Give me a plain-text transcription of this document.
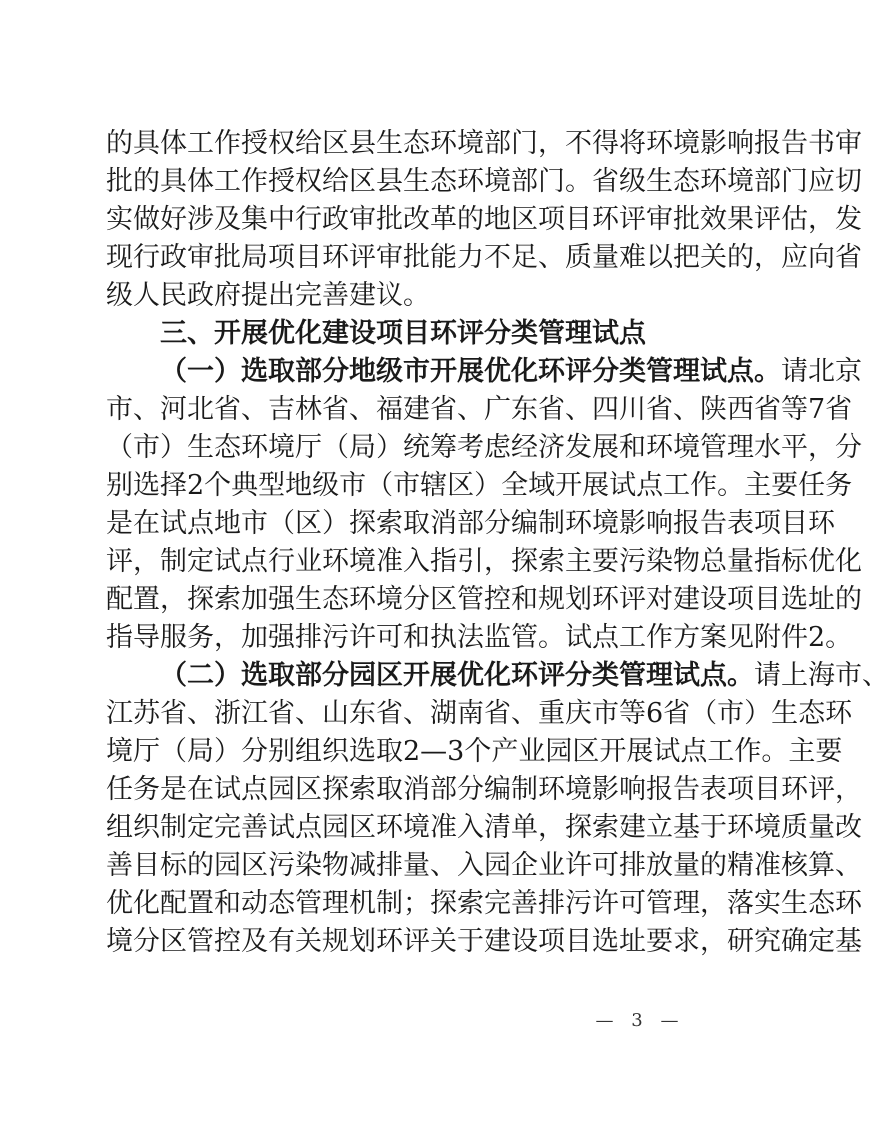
的具体工作授权给区县生态环境部门，不得将环境影响报告书审
批的具体工作授权给区县生态环境部门。省级生态环境部门应切
实做好涉及集中行政审批改革的地区项目环评审批效果评估，发
现行政审批局项目环评审批能力不足、质量难以把关的，应向省
级人民政府提出完善建议。
三、开展优化建设项目环评分类管理试点
（一）选取部分地级市开展优化环评分类管理试点。请北京
市、河北省、吉林省、福建省、广东省、四川省、陕西省等7省
（市）生态环境厅（局）统筹考虑经济发展和环境管理水平，分
别选择2个典型地级市（市辖区）全域开展试点工作。主要任务
是在试点地市（区）探索取消部分编制环境影响报告表项目环
评，制定试点行业环境准入指引，探索主要污染物总量指标优化
配置，探索加强生态环境分区管控和规划环评对建设项目选址的
指导服务，加强排污许可和执法监管。试点工作方案见附件2。
（二）选取部分园区开展优化环评分类管理试点。请上海市、
江苏省、浙江省、山东省、湖南省、重庆市等6省（市）生态环
境厅（局）分别组织选取2—3个产业园区开展试点工作。主要
任务是在试点园区探索取消部分编制环境影响报告表项目环评，
组织制定完善试点园区环境准入清单，探索建立基于环境质量改
善目标的园区污染物减排量、入园企业许可排放量的精准核算、
优化配置和动态管理机制；探索完善排污许可管理，落实生态环
境分区管控及有关规划环评关于建设项目选址要求，研究确定基
— 3 —
